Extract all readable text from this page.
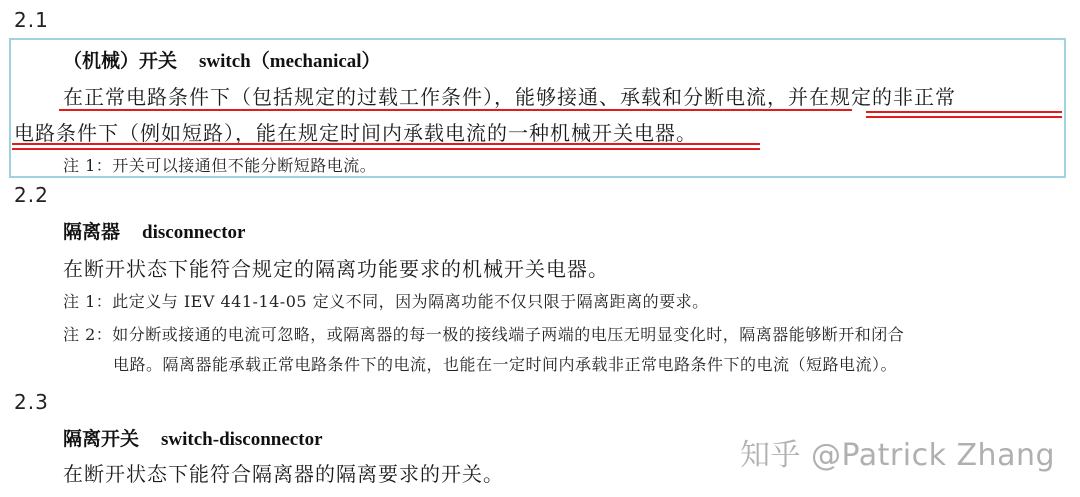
2.1
（机械）开关 switch（mechanical）
在正常电路条件下（包括规定的过载工作条件），能够接通、承载和分断电流，并在规定的非正常
电路条件下（例如短路），能在规定时间内承载电流的一种机械开关电器。
注 1：开关可以接通但不能分断短路电流。
2.2
隔离器 disconnector
在断开状态下能符合规定的隔离功能要求的机械开关电器。
注 1：此定义与 IEV 441-14-05 定义不同，因为隔离功能不仅只限于隔离距离的要求。
注 2：如分断或接通的电流可忽略，或隔离器的每一极的接线端子两端的电压无明显变化时，隔离器能够断开和闭合
电路。隔离器能承载正常电路条件下的电流，也能在一定时间内承载非正常电路条件下的电流（短路电流）。
2.3
隔离开关 switch-disconnector
在断开状态下能符合隔离器的隔离要求的开关。
知乎 @Patrick Zhang
